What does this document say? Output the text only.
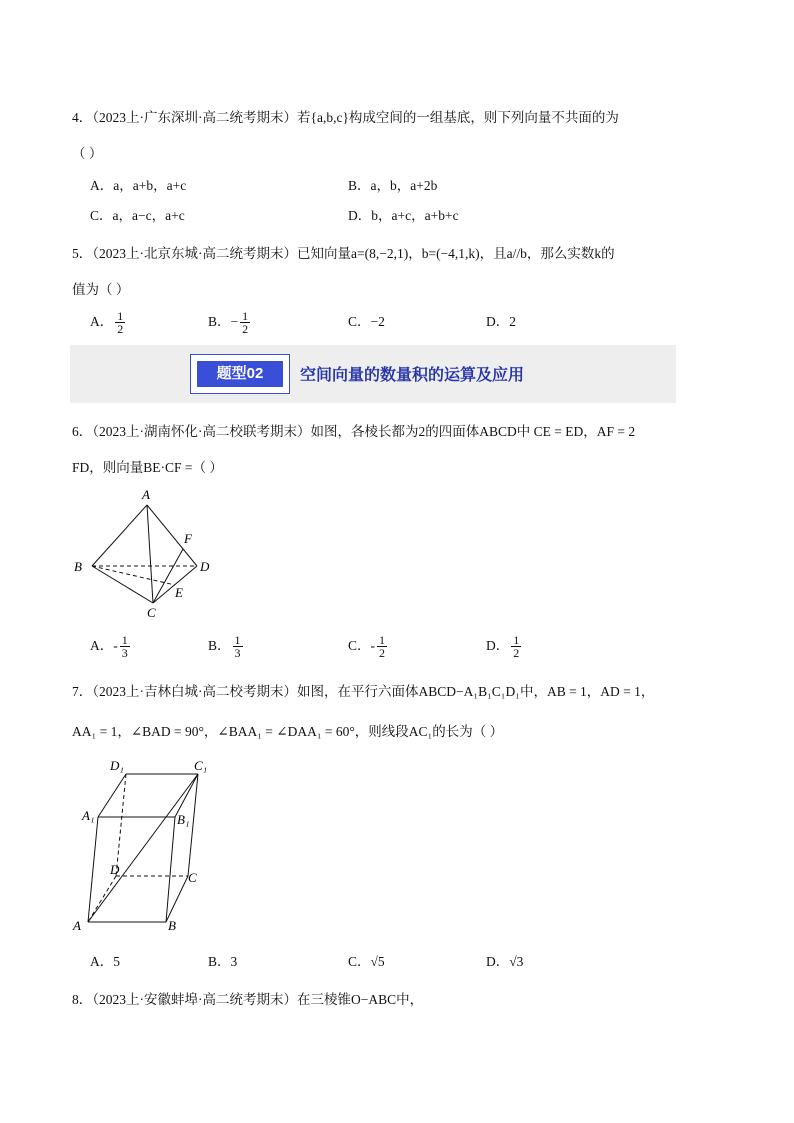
4．（2023上·广东深圳·高二统考期末）若{a,b,c}构成空间的一组基底，则下列向量不共面的为
（ ）
A．a，a+b，a+c	B．a，b，a+2b
C．a，a−c，a+c	D．b，a+c，a+b+c
5．（2023上·北京东城·高二统考期末）已知向量a=(8,−2,1)，b=(−4,1,k)，且a//b，那么实数k的
值为（ ）
A． $\frac{1}{2}$	B．− $\frac{1}{2}$	C．−2	D．2
题型02	空间向量的数量积的运算及应用
6．（2023上·湖南怀化·高二校联考期末）如图，各棱长都为2的四面体ABCD中 CE = ED，AF = 2
FD，则向量BE·CF =（ ）
A
B
C
D
E
F
A．- $\frac{1}{3}$	B． $\frac{1}{3}$	C．- $\frac{1}{2}$	D． $\frac{1}{2}$
7．（2023上·吉林白城·高二校考期末）如图，在平行六面体ABCD−A₁B₁C₁D₁中，AB = 1，AD = 1，
AA₁ = 1，∠BAD = 90°，∠BAA₁ = ∠DAA₁ = 60°，则线段AC₁的长为（ ）
D₁	C₁
A₁	B₁
D
C
A	B
A．5	B．3	C．√5	D．√3
8．（2023上·安徽蚌埠·高二统考期末）在三棱锥O−ABC中，
